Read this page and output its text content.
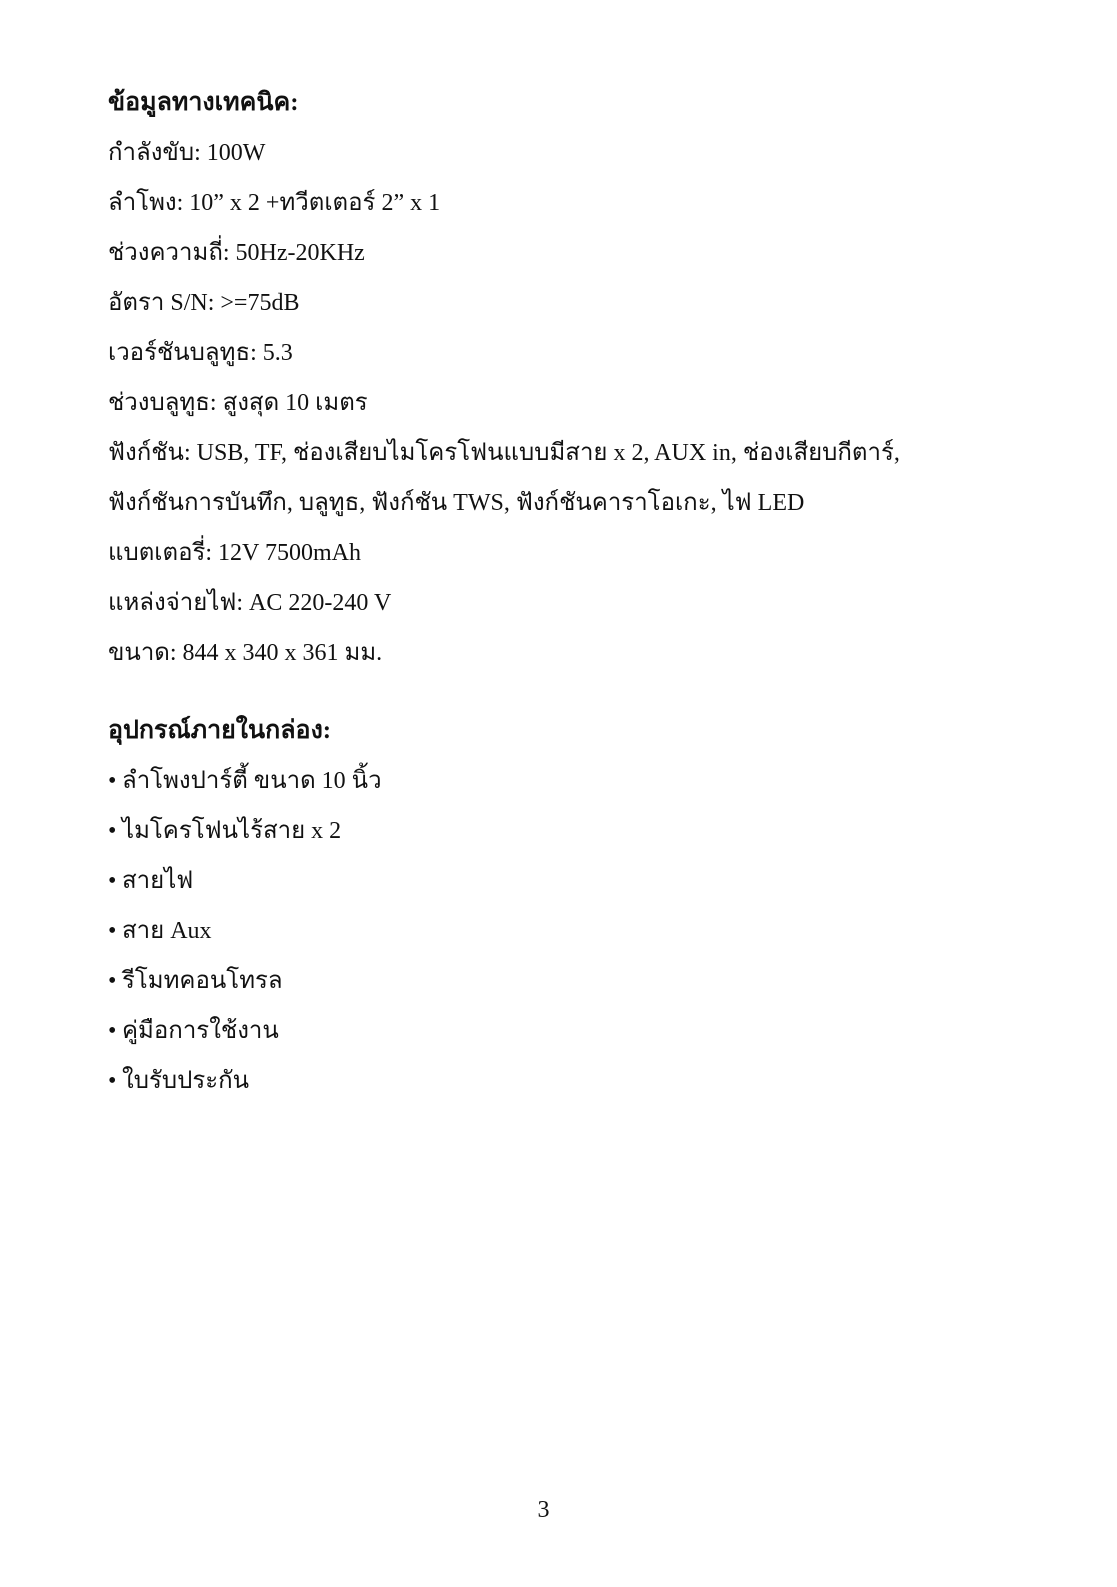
ข้อมูลทางเทคนิค:
กำลังขับ: 100W
ลำโพง: 10” x 2 +ทวีตเตอร์ 2” x 1
ช่วงความถี่: 50Hz-20KHz
อัตรา S/N: >=75dB
เวอร์ชันบลูทูธ: 5.3
ช่วงบลูทูธ: สูงสุด 10 เมตร
ฟังก์ชัน: USB, TF, ช่องเสียบไมโครโฟนแบบมีสาย x 2, AUX in, ช่องเสียบกีตาร์,
ฟังก์ชันการบันทึก, บลูทูธ, ฟังก์ชัน TWS, ฟังก์ชันคาราโอเกะ, ไฟ LED
แบตเตอรี่: 12V 7500mAh
แหล่งจ่ายไฟ: AC 220-240 V
ขนาด: 844 x 340 x 361 มม.
อุปกรณ์ภายในกล่อง:
• ลำโพงปาร์ตี้ ขนาด 10 นิ้ว
• ไมโครโฟนไร้สาย x 2
• สายไฟ
• สาย Aux
• รีโมทคอนโทรล
• คู่มือการใช้งาน
• ใบรับประกัน
3
